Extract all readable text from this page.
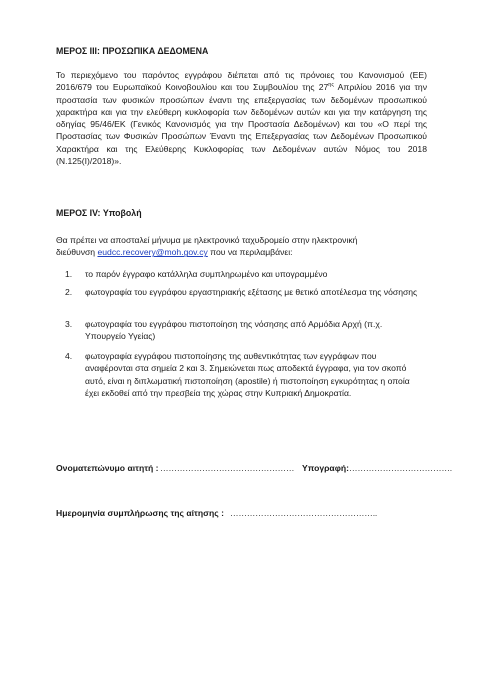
ΜΕΡΟΣ ΙΙΙ: ΠΡΟΣΩΠΙΚΑ ΔΕΔΟΜΕΝΑ
Το περιεχόμενο του παρόντος εγγράφου διέπεται από τις πρόνοιες του Κανονισμού (ΕΕ) 2016/679 του Ευρωπαϊκού Κοινοβουλίου και του Συμβουλίου της $27^{\eta\varsigma}$ Απριλίου 2016 για την προστασία των φυσικών προσώπων έναντι της επεξεργασίας των δεδομένων προσωπικού χαρακτήρα και για την ελεύθερη κυκλοφορία των δεδομένων αυτών και για την κατάργηση της οδηγίας 95/46/ΕΚ (Γενικός Κανονισμός για την Προστασία Δεδομένων) και του «Ο περί της Προστασίας των Φυσικών Προσώπων Έναντι της Επεξεργασίας των Δεδομένων Προσωπικού Χαρακτήρα και της Ελεύθερης Κυκλοφορίας των Δεδομένων αυτών Νόμος του 2018 (Ν.125(Ι)/2018)».
ΜΕΡΟΣ ΙV: Υποβολή
Θα πρέπει να αποσταλεί μήνυμα με ηλεκτρονικό ταχυδρομείο στην ηλεκτρονική
διεύθυνση eudcc.recovery@moh.gov.cy που να περιλαμβάνει:
1.	το παρόν έγγραφο κατάλληλα συμπληρωμένο και υπογραμμένο
2.	φωτογραφία του εγγράφου εργαστηριακής εξέτασης με θετικό αποτέλεσμα της νόσησης
3.	φωτογραφία του εγγράφου πιστοποίηση της νόσησης από Αρμόδια Αρχή (π.χ. Υπουργείο Υγείας)
4.	φωτογραφία εγγράφου πιστοποίησης της αυθεντικότητας των εγγράφων που αναφέρονται στα σημεία 2 και 3. Σημειώνεται πως αποδεκτά έγγραφα, για τον σκοπό αυτό, είναι η διπλωματική πιστοποίηση (apostile) ή πιστοποίηση εγκυρότητας η οποία έχει εκδοθεί από την πρεσβεία της χώρας στην Κυπριακή Δημοκρατία.
Ονοματεπώνυμο αιτητή : ………………………………………… Υπογραφή: ……………………………….
Ημερομηνία συμπλήρωσης της αίτησης : ……………………………………………..
